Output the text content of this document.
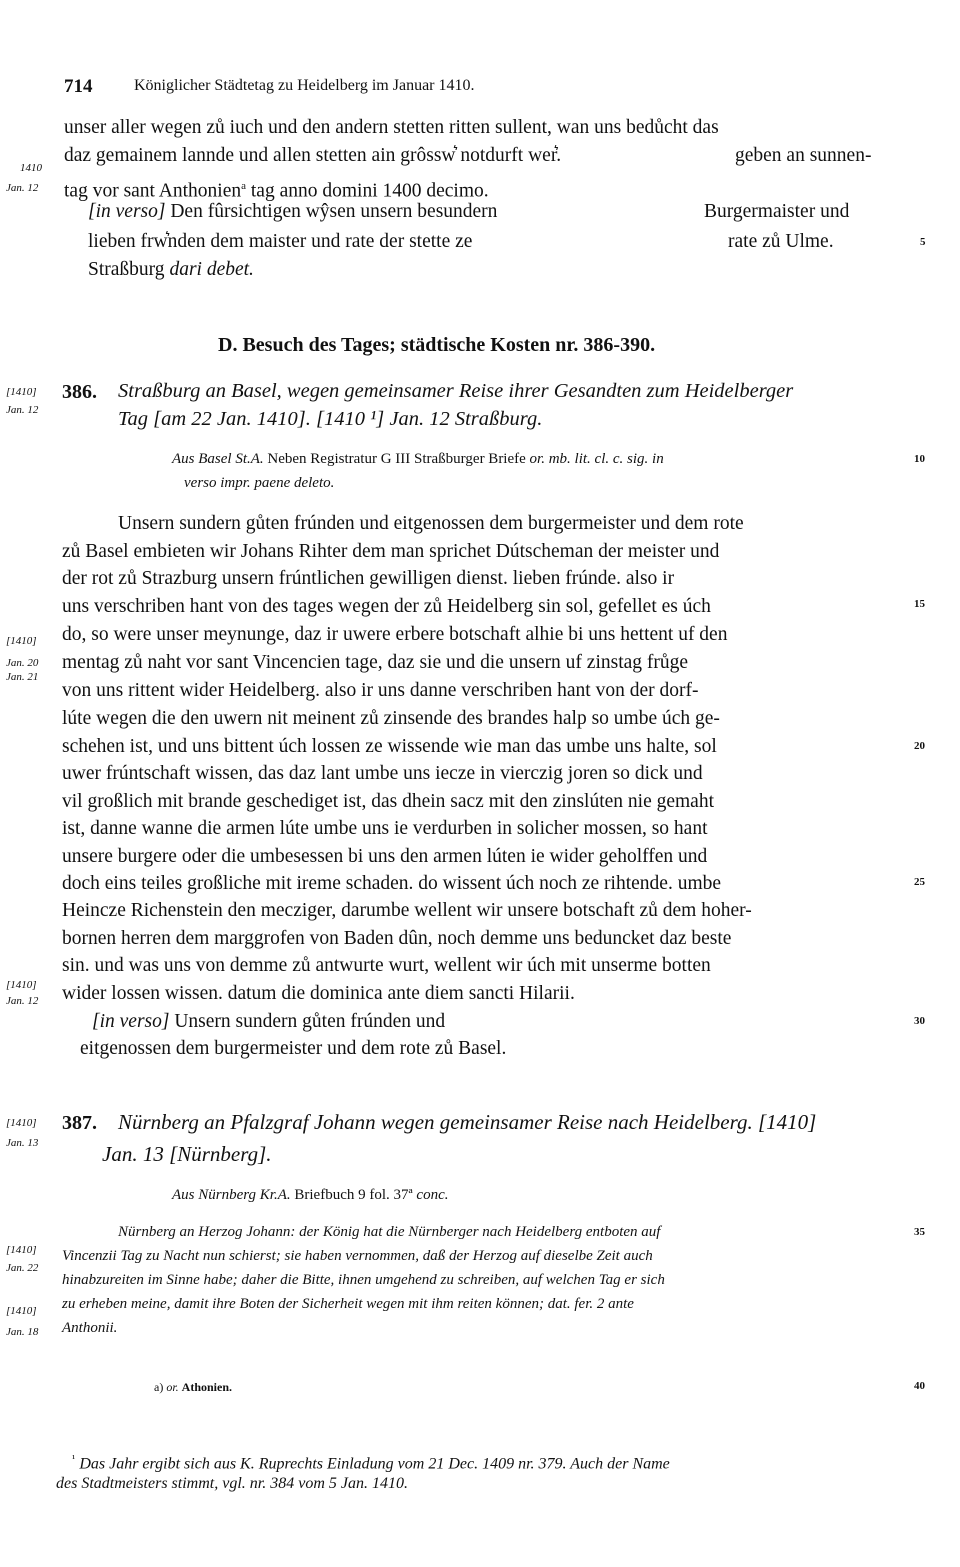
714	Königlicher Städtetag zu Heidelberg im Januar 1410.
unser aller wegen zů iuch und den andern stetten ritten sullent, wan uns bedůcht das
daz gemainem lannde und allen stetten ain grôssw͛ notdurft wer͛.	geben an sunnen-
tag vor sant Anthonien$^a$ tag anno domini 1400 decimo.
[in verso] Den fûrsichtigen wŷsen unsern besundern	Burgermaister und
lieben frw͛nden dem maister und rate der stette ze	rate zů Ulme.
Straßburg dari debet.
1410
Jan. 12
[1410]
Jan. 12
[1410]
Jan. 20
Jan. 21
[1410]
Jan. 12
[1410]
Jan. 13
[1410]
Jan. 22
[1410]
Jan. 18
5
10
15
20
25
30
35
40
D. Besuch des Tages; städtische Kosten nr. 386-390.
386. Straßburg an Basel, wegen gemeinsamer Reise ihrer Gesandten zum Heidelberger
Tag [am 22 Jan. 1410]. [1410 ¹] Jan. 12 Straßburg.
Aus Basel St.A. Neben Registratur G III Straßburger Briefe or. mb. lit. cl. c. sig. in
verso impr. paene deleto.
Unsern sundern gůten frúnden und eitgenossen dem burgermeister und dem rote
zů Basel embieten wir Johans Rihter dem man sprichet Dútscheman der meister und
der rot zů Strazburg unsern frúntlichen gewilligen dienst. lieben frúnde. also ir
uns verschriben hant von des tages wegen der zů Heidelberg sin sol, gefellet es úch
do, so were unser meynunge, daz ir uwere erbere botschaft alhie bi uns hettent uf den
mentag zů naht vor sant Vincencien tage, daz sie und die unsern uf zinstag frůge
von uns rittent wider Heidelberg. also ir uns danne verschriben hant von der dorf-
lúte wegen die den uwern nit meinent zů zinsende des brandes halp so umbe úch ge-
schehen ist, und uns bittent úch lossen ze wissende wie man das umbe uns halte, sol
uwer frúntschaft wissen, das daz lant umbe uns iecze in vierczig joren so dick und
vil großlich mit brande geschediget ist, das dhein sacz mit den zinslúten nie gemaht
ist, danne wanne die armen lúte umbe uns ie verdurben in solicher mossen, so hant
unsere burgere oder die umbesessen bi uns den armen lúten ie wider geholffen und
doch eins teiles großliche mit ireme schaden. do wissent úch noch ze rihtende. umbe
Heincze Richenstein den mecziger, darumbe wellent wir unsere botschaft zů dem hoher-
bornen herren dem marggrofen von Baden dûn, noch demme uns beduncket daz beste
sin. und was uns von demme zů antwurte wurt, wellent wir úch mit unserme botten
wider lossen wissen. datum die dominica ante diem sancti Hilarii.
[in verso] Unsern sundern gůten frúnden und
eitgenossen dem burgermeister und dem rote zů Basel.
387. Nürnberg an Pfalzgraf Johann wegen gemeinsamer Reise nach Heidelberg. [1410]
Jan. 13 [Nürnberg].
Aus Nürnberg Kr.A. Briefbuch 9 fol. 37ª conc.
Nürnberg an Herzog Johann: der König hat die Nürnberger nach Heidelberg entboten auf
Vincenzii Tag zu Nacht nun schierst; sie haben vernommen, daß der Herzog auf dieselbe Zeit auch
hinabzureiten im Sinne habe; daher die Bitte, ihnen umgehend zu schreiben, auf welchen Tag er sich
zu erheben meine, damit ihre Boten der Sicherheit wegen mit ihm reiten können; dat. fer. 2 ante
Anthonii.
a) or. Athonien.
$^{^1}$ Das Jahr ergibt sich aus K. Ruprechts Einladung vom 21 Dec. 1409 nr. 379. Auch der Name
des Stadtmeisters stimmt, vgl. nr. 384 vom 5 Jan. 1410.
